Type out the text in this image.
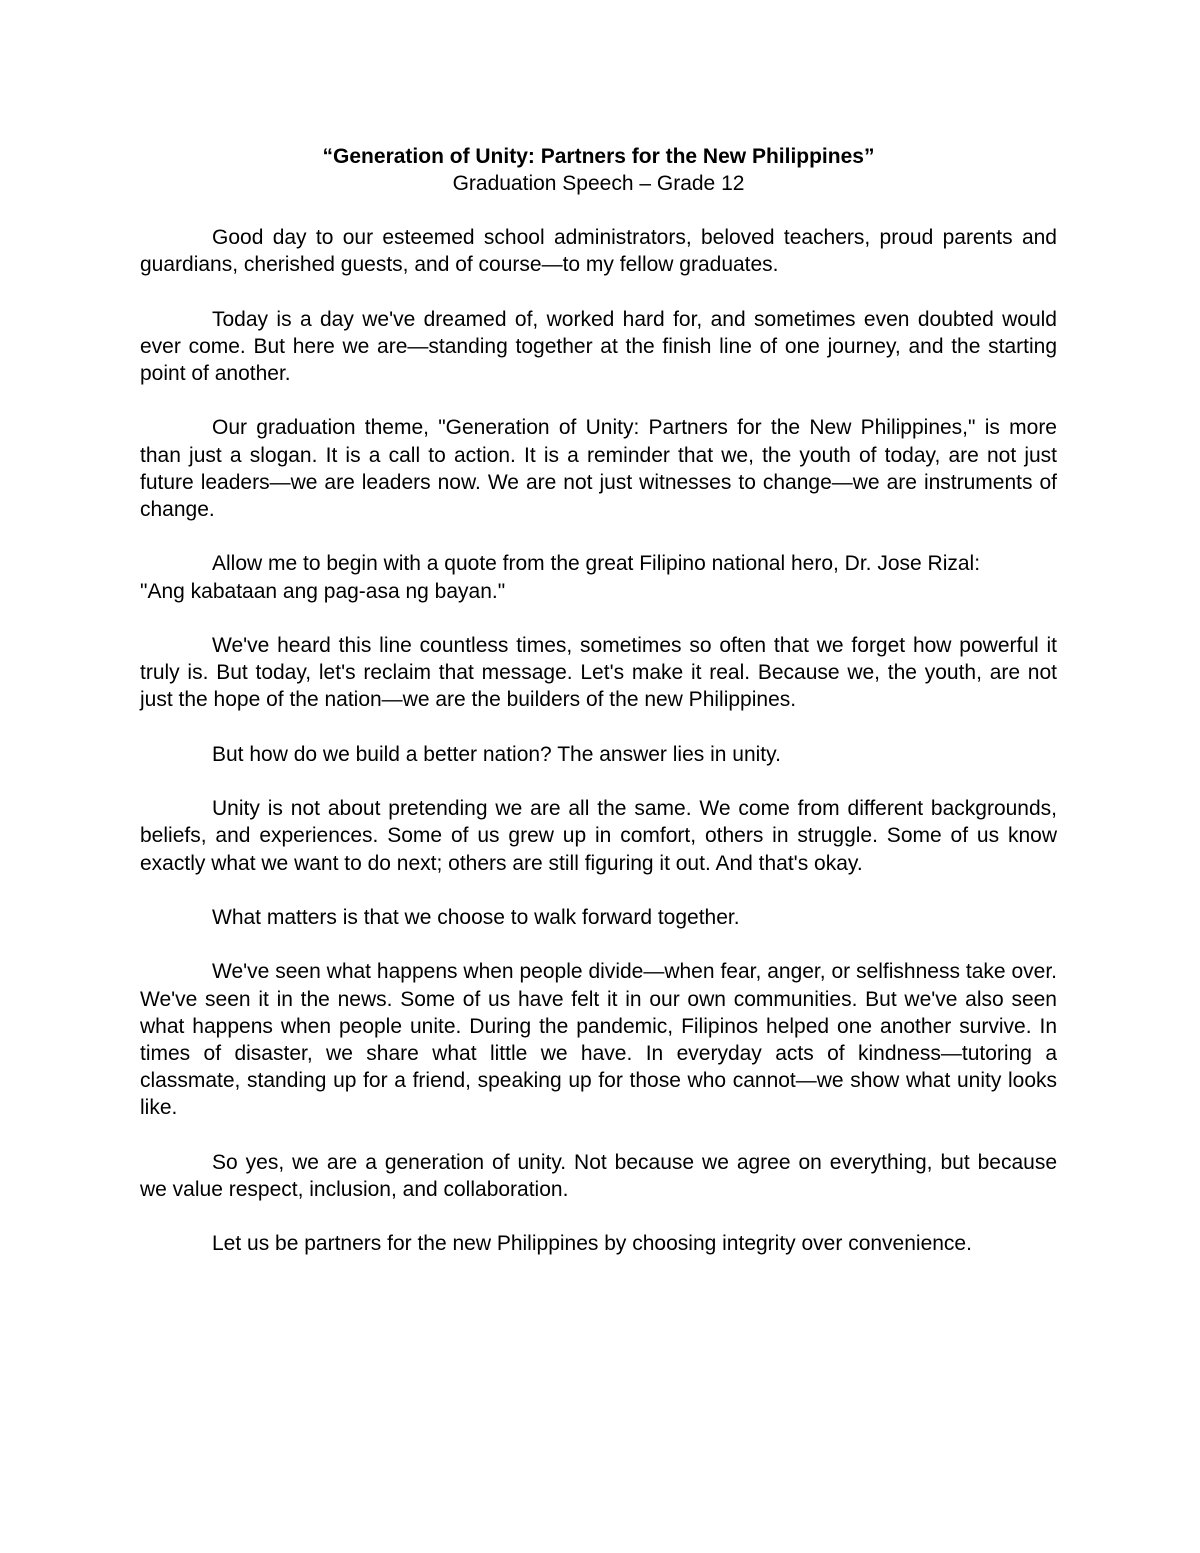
“Generation of Unity: Partners for the New Philippines”

Graduation Speech – Grade 12

Good day to our esteemed school administrators, beloved teachers, proud parents and guardians, cherished guests, and of course—to my fellow graduates.

Today is a day we've dreamed of, worked hard for, and sometimes even doubted would ever come. But here we are—standing together at the finish line of one journey, and the starting point of another.

Our graduation theme, "Generation of Unity: Partners for the New Philippines," is more than just a slogan. It is a call to action. It is a reminder that we, the youth of today, are not just future leaders—we are leaders now. We are not just witnesses to change—we are instruments of change.

Allow me to begin with a quote from the great Filipino national hero, Dr. Jose Rizal:

"Ang kabataan ang pag-asa ng bayan."

We've heard this line countless times, sometimes so often that we forget how powerful it truly is. But today, let's reclaim that message. Let's make it real. Because we, the youth, are not just the hope of the nation—we are the builders of the new Philippines.

But how do we build a better nation? The answer lies in unity.

Unity is not about pretending we are all the same. We come from different backgrounds, beliefs, and experiences. Some of us grew up in comfort, others in struggle. Some of us know exactly what we want to do next; others are still figuring it out. And that's okay.

What matters is that we choose to walk forward together.

We've seen what happens when people divide—when fear, anger, or selfishness take over. We've seen it in the news. Some of us have felt it in our own communities. But we've also seen what happens when people unite. During the pandemic, Filipinos helped one another survive. In times of disaster, we share what little we have. In everyday acts of kindness—tutoring a classmate, standing up for a friend, speaking up for those who cannot—we show what unity looks like.

So yes, we are a generation of unity. Not because we agree on everything, but because we value respect, inclusion, and collaboration.

Let us be partners for the new Philippines by choosing integrity over convenience.
